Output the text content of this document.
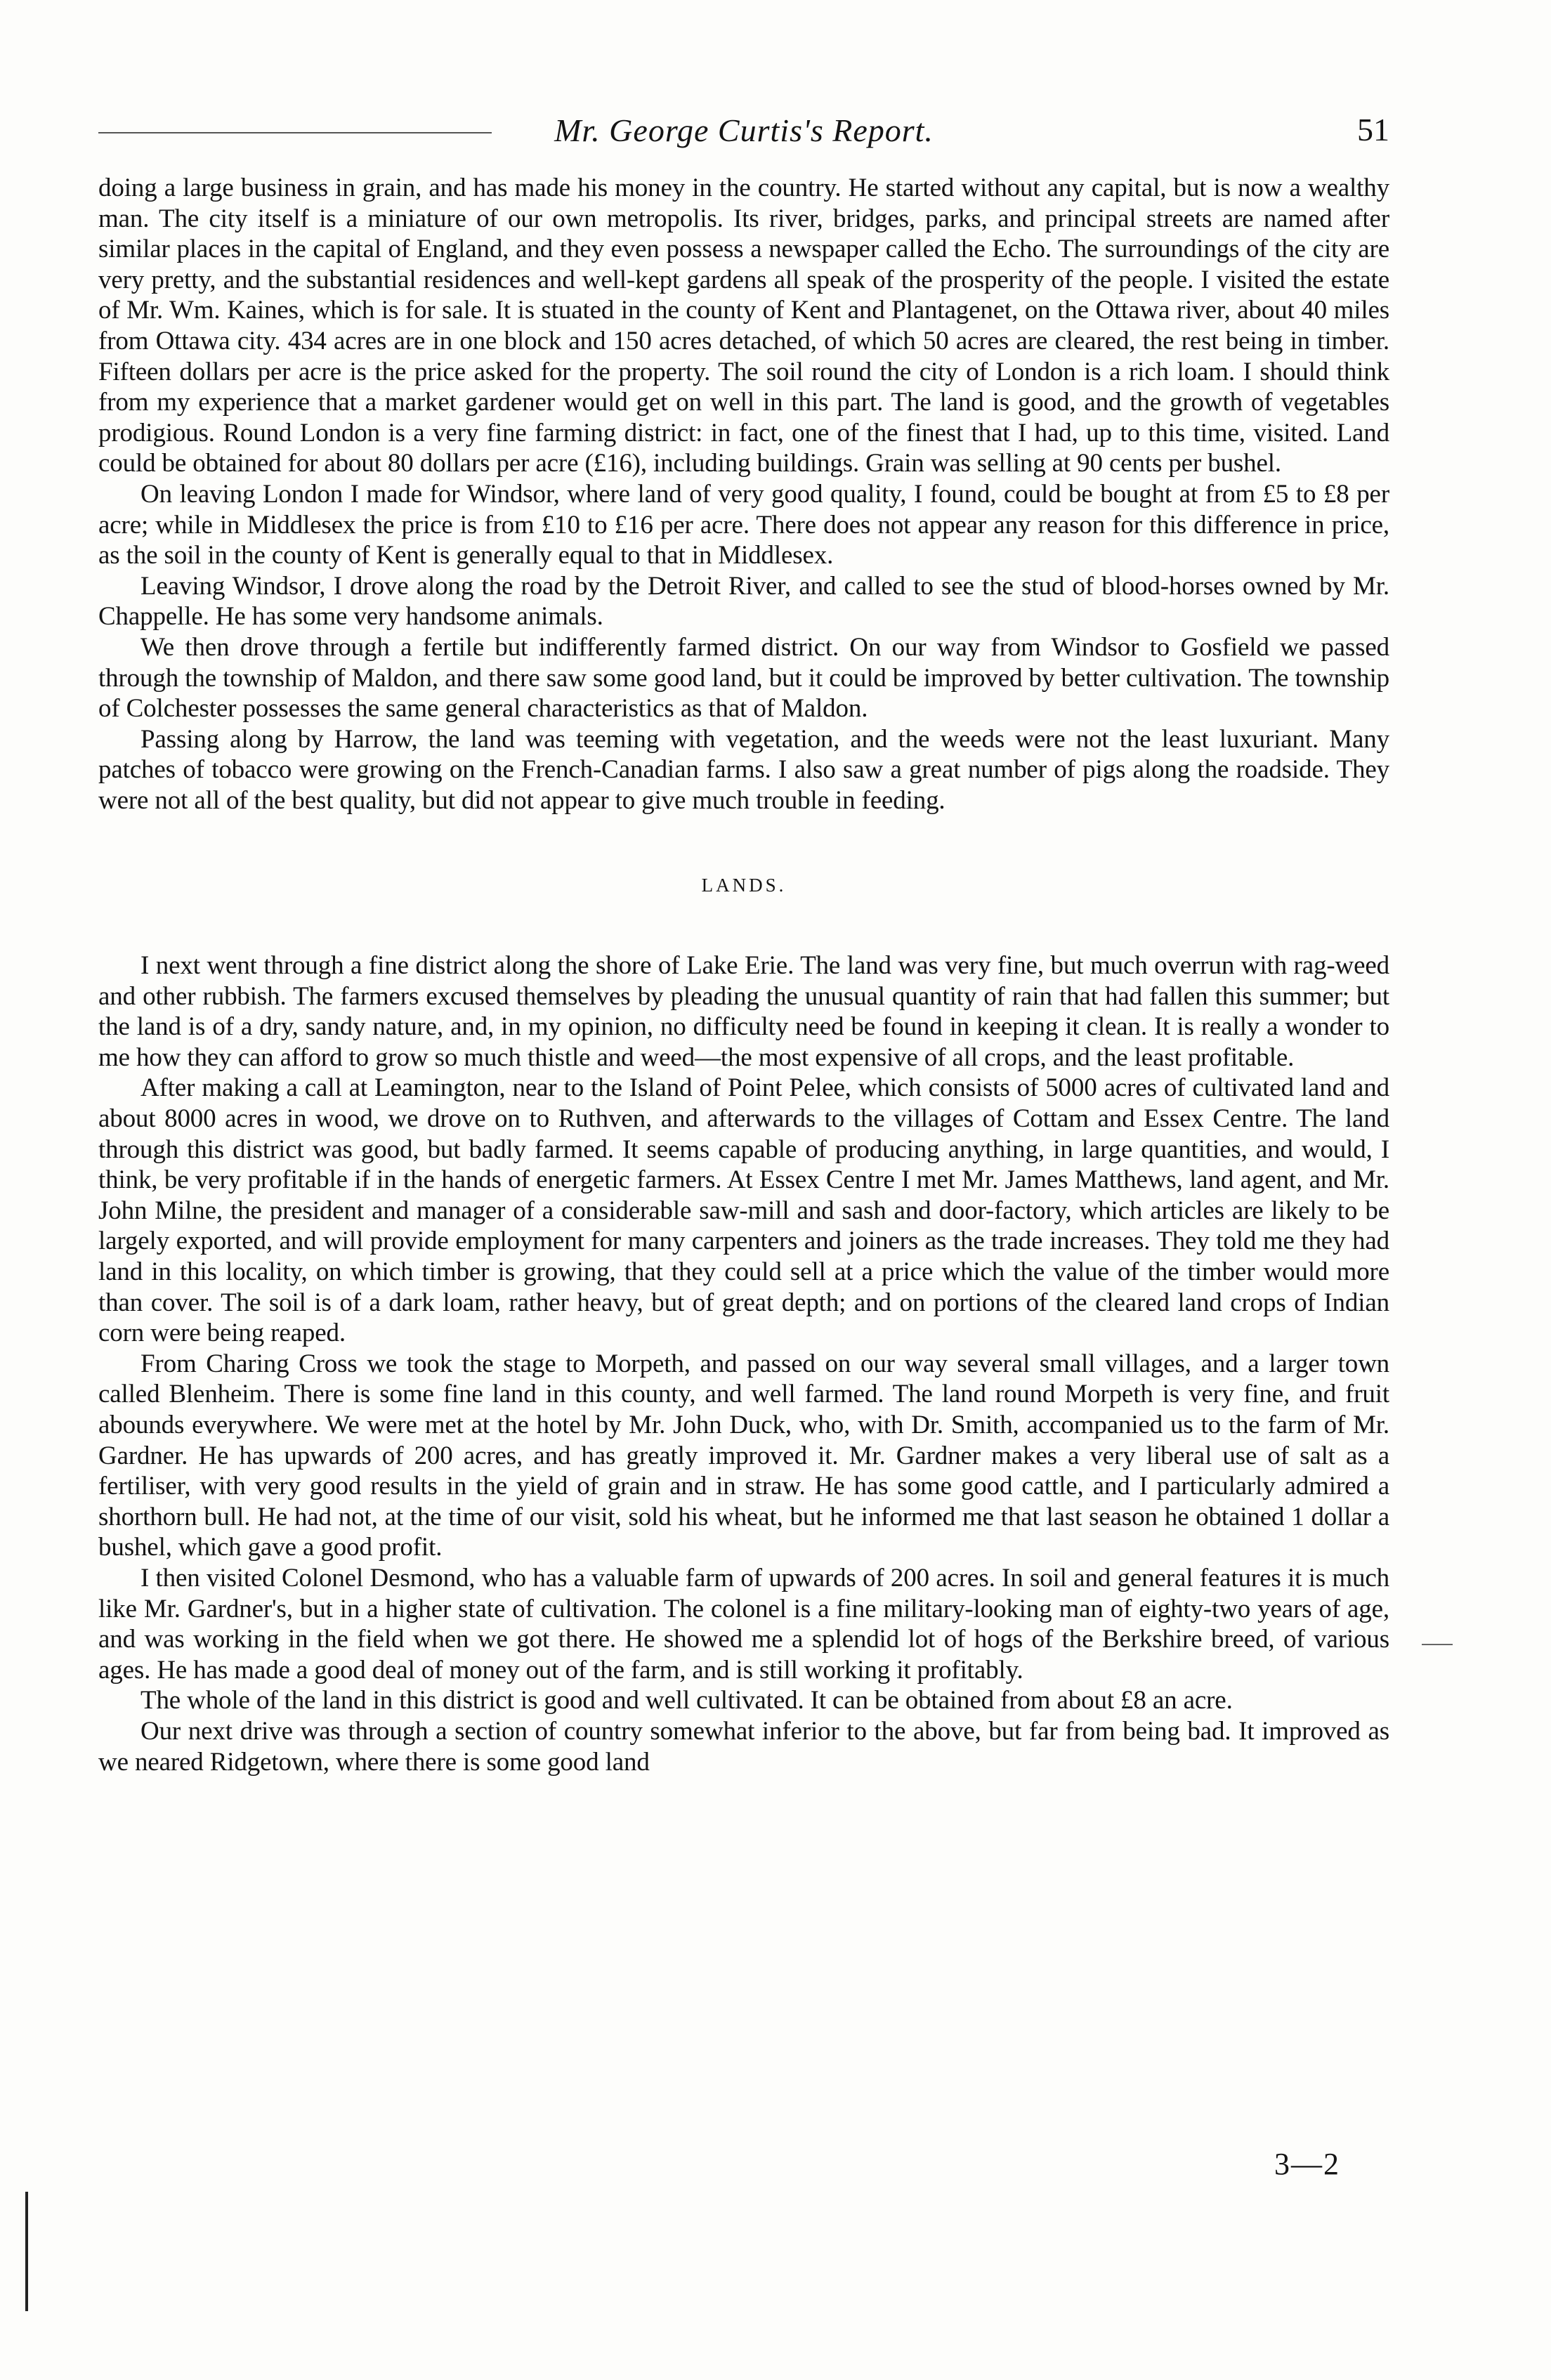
Mr. George Curtis's Report.	51

doing a large business in grain, and has made his money in the country. He started without any capital, but is now a wealthy man. The city itself is a miniature of our own metropolis. Its river, bridges, parks, and principal streets are named after similar places in the capital of England, and they even possess a newspaper called the Echo. The surroundings of the city are very pretty, and the substantial residences and well-kept gardens all speak of the prosperity of the people. I visited the estate of Mr. Wm. Kaines, which is for sale. It is stuated in the county of Kent and Plantagenet, on the Ottawa river, about 40 miles from Ottawa city. 434 acres are in one block and 150 acres detached, of which 50 acres are cleared, the rest being in timber. Fifteen dollars per acre is the price asked for the property. The soil round the city of London is a rich loam. I should think from my experience that a market gardener would get on well in this part. The land is good, and the growth of vegetables prodigious. Round London is a very fine farming district: in fact, one of the finest that I had, up to this time, visited. Land could be obtained for about 80 dollars per acre (£16), including buildings. Grain was selling at 90 cents per bushel.

On leaving London I made for Windsor, where land of very good quality, I found, could be bought at from £5 to £8 per acre; while in Middlesex the price is from £10 to £16 per acre. There does not appear any reason for this difference in price, as the soil in the county of Kent is generally equal to that in Middlesex.

Leaving Windsor, I drove along the road by the Detroit River, and called to see the stud of blood-horses owned by Mr. Chappelle. He has some very handsome animals.

We then drove through a fertile but indifferently farmed district. On our way from Windsor to Gosfield we passed through the township of Maldon, and there saw some good land, but it could be improved by better cultivation. The township of Colchester possesses the same general characteristics as that of Maldon.

Passing along by Harrow, the land was teeming with vegetation, and the weeds were not the least luxuriant. Many patches of tobacco were growing on the French-Canadian farms. I also saw a great number of pigs along the roadside. They were not all of the best quality, but did not appear to give much trouble in feeding.

LANDS.

I next went through a fine district along the shore of Lake Erie. The land was very fine, but much overrun with rag-weed and other rubbish. The farmers excused themselves by pleading the unusual quantity of rain that had fallen this summer; but the land is of a dry, sandy nature, and, in my opinion, no difficulty need be found in keeping it clean. It is really a wonder to me how they can afford to grow so much thistle and weed—the most expensive of all crops, and the least profitable.

After making a call at Leamington, near to the Island of Point Pelee, which consists of 5000 acres of cultivated land and about 8000 acres in wood, we drove on to Ruthven, and afterwards to the villages of Cottam and Essex Centre. The land through this district was good, but badly farmed. It seems capable of producing anything, in large quantities, and would, I think, be very profitable if in the hands of energetic farmers. At Essex Centre I met Mr. James Matthews, land agent, and Mr. John Milne, the president and manager of a considerable saw-mill and sash and door-factory, which articles are likely to be largely exported, and will provide employment for many carpenters and joiners as the trade increases. They told me they had land in this locality, on which timber is growing, that they could sell at a price which the value of the timber would more than cover. The soil is of a dark loam, rather heavy, but of great depth; and on portions of the cleared land crops of Indian corn were being reaped.

From Charing Cross we took the stage to Morpeth, and passed on our way several small villages, and a larger town called Blenheim. There is some fine land in this county, and well farmed. The land round Morpeth is very fine, and fruit abounds everywhere. We were met at the hotel by Mr. John Duck, who, with Dr. Smith, accompanied us to the farm of Mr. Gardner. He has upwards of 200 acres, and has greatly improved it. Mr. Gardner makes a very liberal use of salt as a fertiliser, with very good results in the yield of grain and in straw. He has some good cattle, and I particularly admired a shorthorn bull. He had not, at the time of our visit, sold his wheat, but he informed me that last season he obtained 1 dollar a bushel, which gave a good profit.

I then visited Colonel Desmond, who has a valuable farm of upwards of 200 acres. In soil and general features it is much like Mr. Gardner's, but in a higher state of cultivation. The colonel is a fine military-looking man of eighty-two years of age, and was working in the field when we got there. He showed me a splendid lot of hogs of the Berkshire breed, of various ages. He has made a good deal of money out of the farm, and is still working it profitably.

The whole of the land in this district is good and well cultivated. It can be obtained from about £8 an acre.

Our next drive was through a section of country somewhat inferior to the above, but far from being bad. It improved as we neared Ridgetown, where there is some good land

3—2
